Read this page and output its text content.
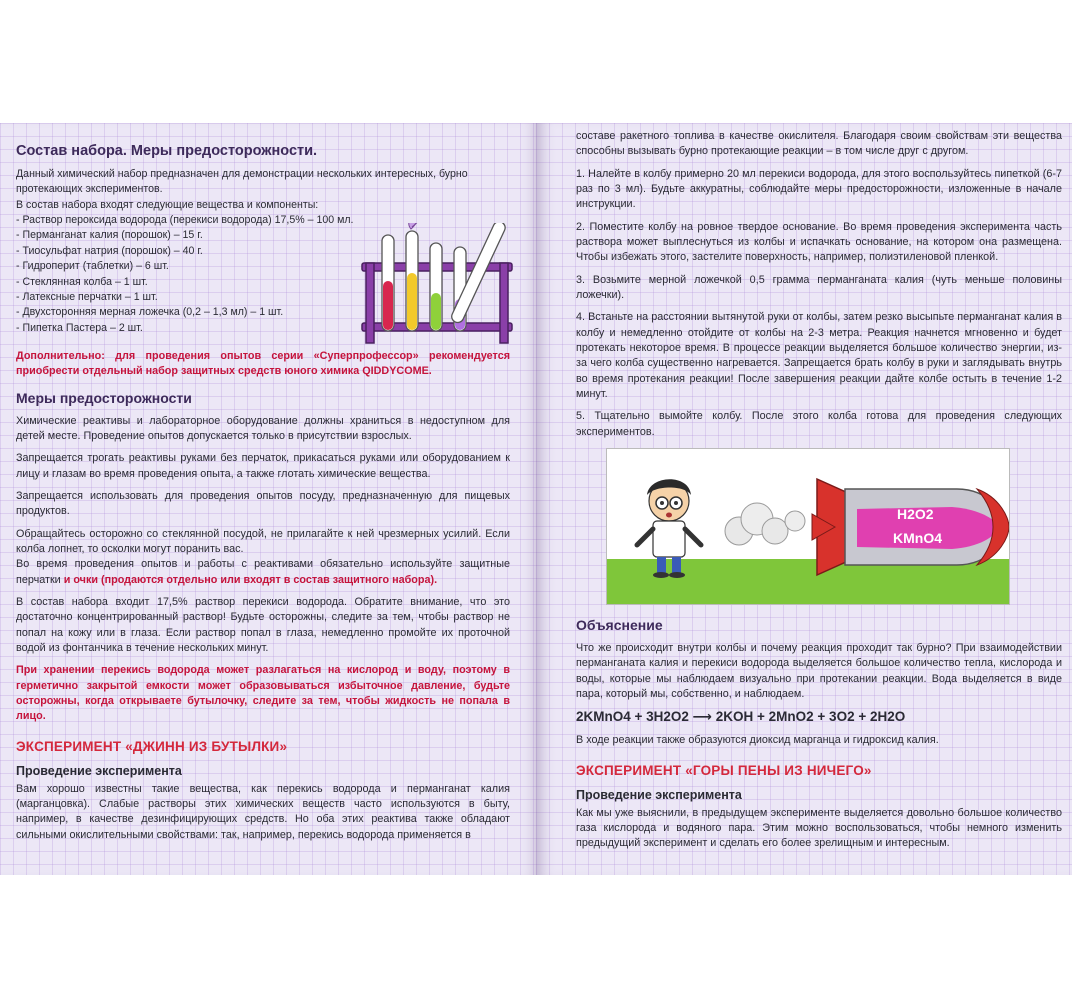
Состав набора. Меры предосторожности.
Данный химический набор предназначен для демонстрации нескольких интересных, бурно протекающих экспериментов.
В состав набора входят следующие вещества и компоненты:
- Раствор пероксида водорода (перекиси водорода) 17,5% – 100 мл.
- Перманганат калия (порошок) – 15 г.
- Тиосульфат натрия (порошок) – 40 г.
- Гидроперит (таблетки) – 6 шт.
- Стеклянная колба – 1 шт.
- Латексные перчатки – 1 шт.
- Двухсторонняя мерная ложечка (0,2 – 1,3 мл) – 1 шт.
- Пипетка Пастера – 2 шт.

Дополнительно: для проведения опытов серии «Суперпрофессор» рекомендуется приобрести отдельный набор защитных средств юного химика QIDDYCOME.

Меры предосторожности

Химические реактивы и лабораторное оборудование должны храниться в недоступном для детей месте. Проведение опытов допускается только в присутствии взрослых.

Запрещается трогать реактивы руками без перчаток, прикасаться руками или оборудованием к лицу и глазам во время проведения опыта, а также глотать химические вещества.

Запрещается использовать для проведения опытов посуду, предназначенную для пищевых продуктов.

Обращайтесь осторожно со стеклянной посудой, не прилагайте к ней чрезмерных усилий. Если колба лопнет, то осколки могут поранить вас.

Во время проведения опытов и работы с реактивами обязательно используйте защитные перчатки и очки (продаются отдельно или входят в состав защитного набора).

В состав набора входит 17,5% раствор перекиси водорода. Обратите внимание, что это достаточно концентрированный раствор! Будьте осторожны, следите за тем, чтобы раствор не попал на кожу или в глаза. Если раствор попал в глаза, немедленно промойте их проточной водой из фонтанчика в течение нескольких минут.

При хранении перекись водорода может разлагаться на кислород и воду, поэтому в герметично закрытой емкости может образовываться избыточное давление, будьте осторожны, когда открываете бутылочку, следите за тем, чтобы жидкость не попала в лицо.

ЭКСПЕРИМЕНТ «ДЖИНН ИЗ БУТЫЛКИ»
Проведение эксперимента

Вам хорошо известны такие вещества, как перекись водорода и перманганат калия (марганцовка). Слабые растворы этих химических веществ часто используются в быту, например, в качестве дезинфицирующих средств. Но оба этих реактива также обладают сильными окислительными свойствами: так, например, перекись водорода применяется в

составе ракетного топлива в качестве окислителя. Благодаря своим свойствам эти вещества способны вызывать бурно протекающие реакции – в том числе друг с другом.

1. Налейте в колбу примерно 20 мл перекиси водорода, для этого воспользуйтесь пипеткой (6-7 раз по 3 мл). Будьте аккуратны, соблюдайте меры предосторожности, изложенные в начале инструкции.

2. Поместите колбу на ровное твердое основание. Во время проведения эксперимента часть раствора может выплеснуться из колбы и испачкать основание, на котором она размещена. Чтобы избежать этого, застелите поверхность, например, полиэтиленовой пленкой.

3. Возьмите мерной ложечкой 0,5 грамма перманганата калия (чуть меньше половины ложечки).

4. Встаньте на расстоянии вытянутой руки от колбы, затем резко высыпьте перманганат калия в колбу и немедленно отойдите от колбы на 2-3 метра. Реакция начнется мгновенно и будет протекать некоторое время. В процессе реакции выделяется большое количество энергии, из-за чего колба существенно нагревается. Запрещается брать колбу в руки и заглядывать внутрь во время протекания реакции! После завершения реакции дайте колбе остыть в течение 1-2 минут.

5. Тщательно вымойте колбу. После этого колба готова для проведения следующих экспериментов.

H2O2
KMnO4
Объяснение

Что же происходит внутри колбы и почему реакция проходит так бурно? При взаимодействии перманганата калия и перекиси водорода выделяется большое количество тепла, кислорода и воды, которые мы наблюдаем визуально при протекании реакции. Вода выделяется в виде пара, который мы, собственно, и наблюдаем.

2KMnO4 + 3H2O2 ⟶ 2KOH + 2MnO2 + 3O2 + 2H2O

В ходе реакции также образуются диоксид марганца и гидроксид калия.

ЭКСПЕРИМЕНТ «ГОРЫ ПЕНЫ ИЗ НИЧЕГО»
Проведение эксперимента

Как мы уже выяснили, в предыдущем эксперименте выделяется довольно большое количество газа кислорода и водяного пара. Этим можно воспользоваться, чтобы немного изменить предыдущий эксперимент и сделать его более зрелищным и интересным.
